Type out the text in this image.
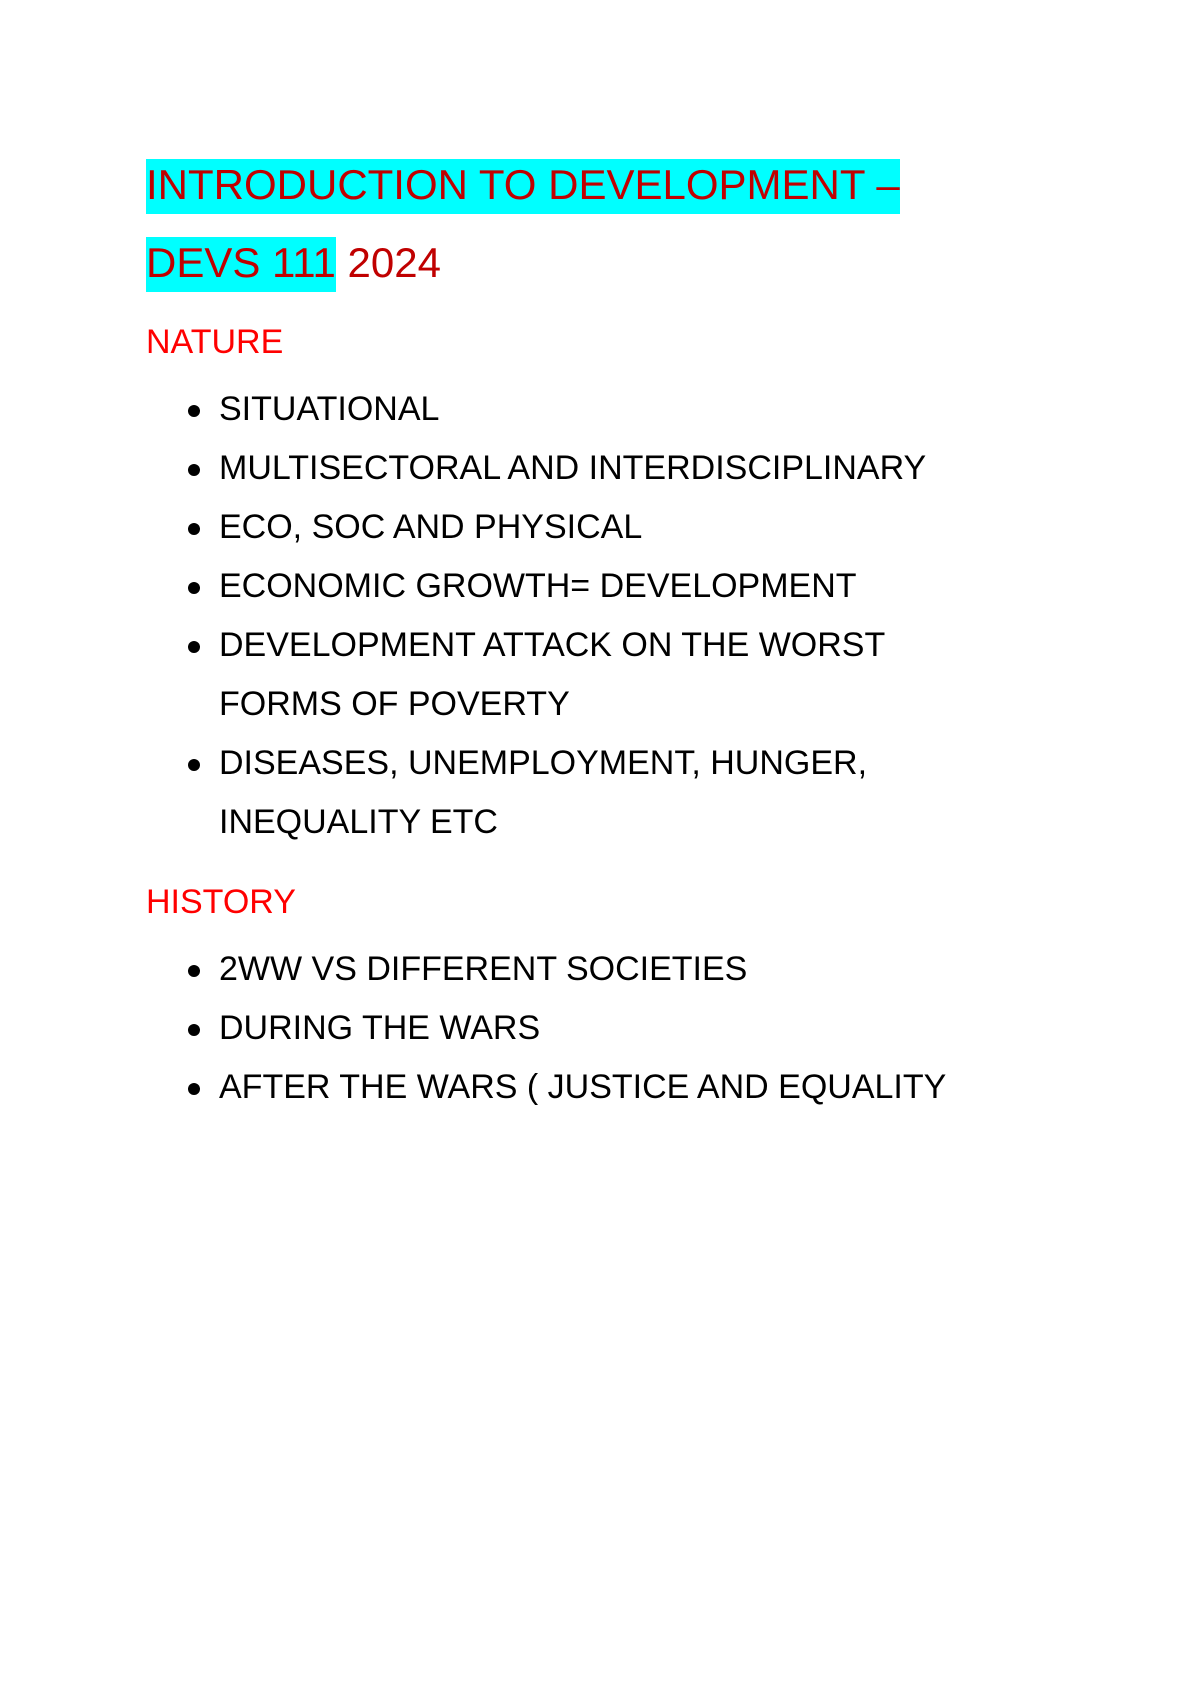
INTRODUCTION TO DEVELOPMENT –
DEVS 111 2024
NATURE
SITUATIONAL
MULTISECTORAL AND INTERDISCIPLINARY
ECO, SOC AND PHYSICAL
ECONOMIC GROWTH= DEVELOPMENT
DEVELOPMENT ATTACK ON THE WORST FORMS OF POVERTY
DISEASES, UNEMPLOYMENT, HUNGER, INEQUALITY ETC
HISTORY
2WW VS DIFFERENT SOCIETIES
DURING THE WARS
AFTER THE WARS ( JUSTICE AND EQUALITY
